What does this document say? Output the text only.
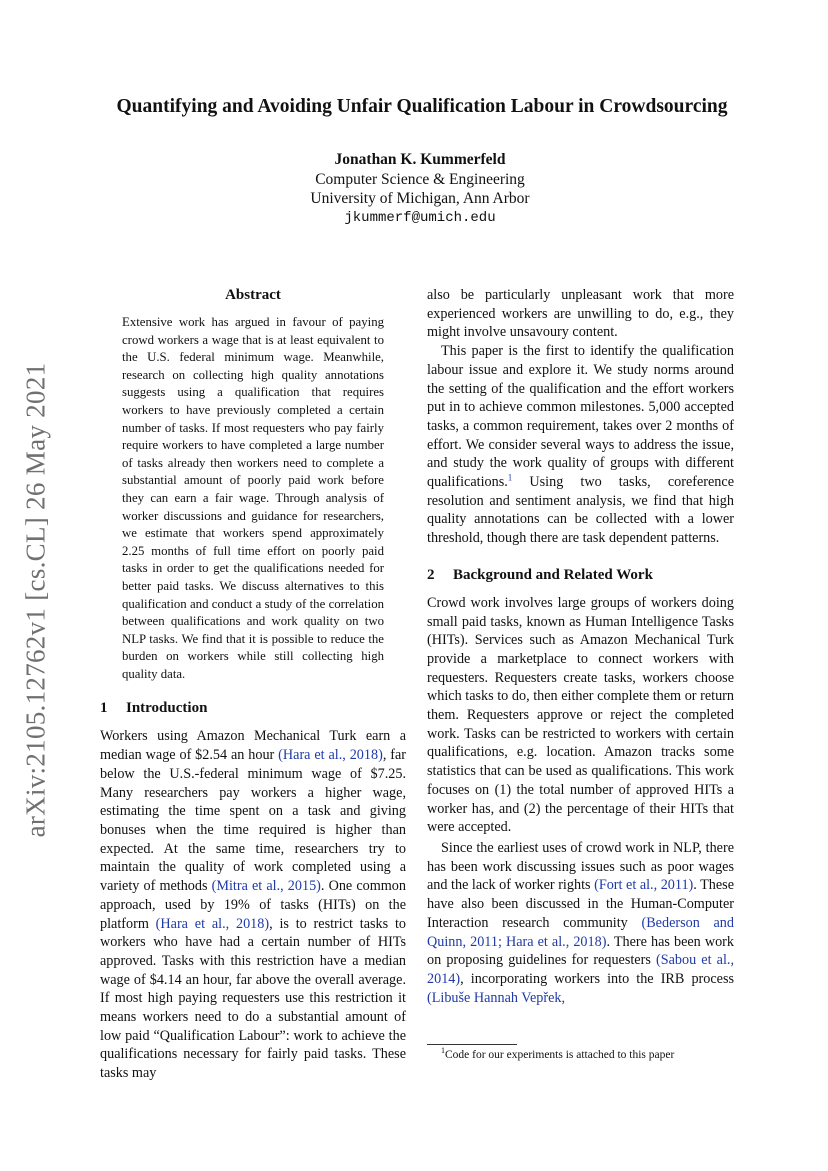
arXiv:2105.12762v1 [cs.CL] 26 May 2021
Quantifying and Avoiding Unfair Qualification Labour in Crowdsourcing
Jonathan K. Kummerfeld
Computer Science & Engineering
University of Michigan, Ann Arbor
jkummerf@umich.edu
Abstract

Extensive work has argued in favour of paying crowd workers a wage that is at least equivalent to the U.S. federal minimum wage. Meanwhile, research on collecting high quality annotations suggests using a qualification that requires workers to have previously completed a certain number of tasks. If most requesters who pay fairly require workers to have completed a large number of tasks already then workers need to complete a substantial amount of poorly paid work before they can earn a fair wage. Through analysis of worker discussions and guidance for researchers, we estimate that workers spend approximately 2.25 months of full time effort on poorly paid tasks in order to get the qualifications needed for better paid tasks. We discuss alternatives to this qualification and conduct a study of the correlation between qualifications and work quality on two NLP tasks. We find that it is possible to reduce the burden on workers while still collecting high quality data.

1 Introduction

Workers using Amazon Mechanical Turk earn a median wage of $2.54 an hour (Hara et al., 2018), far below the U.S.-federal minimum wage of $7.25. Many researchers pay workers a higher wage, estimating the time spent on a task and giving bonuses when the time required is higher than expected. At the same time, researchers try to maintain the quality of work completed using a variety of methods (Mitra et al., 2015). One common approach, used by 19% of tasks (HITs) on the platform (Hara et al., 2018), is to restrict tasks to workers who have had a certain number of HITs approved. Tasks with this restriction have a median wage of $4.14 an hour, far above the overall average. If most high paying requesters use this restriction it means workers need to do a substantial amount of low paid “Qualification Labour”: work to achieve the qualifications necessary for fairly paid tasks. These tasks may

also be particularly unpleasant work that more experienced workers are unwilling to do, e.g., they might involve unsavoury content.

This paper is the first to identify the qualification labour issue and explore it. We study norms around the setting of the qualification and the effort workers put in to achieve common milestones. 5,000 accepted tasks, a common requirement, takes over 2 months of effort. We consider several ways to address the issue, and study the work quality of groups with different qualifications.$^1$ Using two tasks, coreference resolution and sentiment analysis, we find that high quality annotations can be collected with a lower threshold, though there are task dependent patterns.

2 Background and Related Work

Crowd work involves large groups of workers doing small paid tasks, known as Human Intelligence Tasks (HITs). Services such as Amazon Mechanical Turk provide a marketplace to connect workers with requesters. Requesters create tasks, workers choose which tasks to do, then either complete them or return them. Requesters approve or reject the completed work. Tasks can be restricted to workers with certain qualifications, e.g. location. Amazon tracks some statistics that can be used as qualifications. This work focuses on (1) the total number of approved HITs a worker has, and (2) the percentage of their HITs that were accepted.

Since the earliest uses of crowd work in NLP, there has been work discussing issues such as poor wages and the lack of worker rights (Fort et al., 2011). These have also been discussed in the Human-Computer Interaction research community (Bederson and Quinn, 2011; Hara et al., 2018). There has been work on proposing guidelines for requesters (Sabou et al., 2014), incorporating workers into the IRB process (Libuše Hannah Vepřek,

$^1$Code for our experiments is attached to this paper
